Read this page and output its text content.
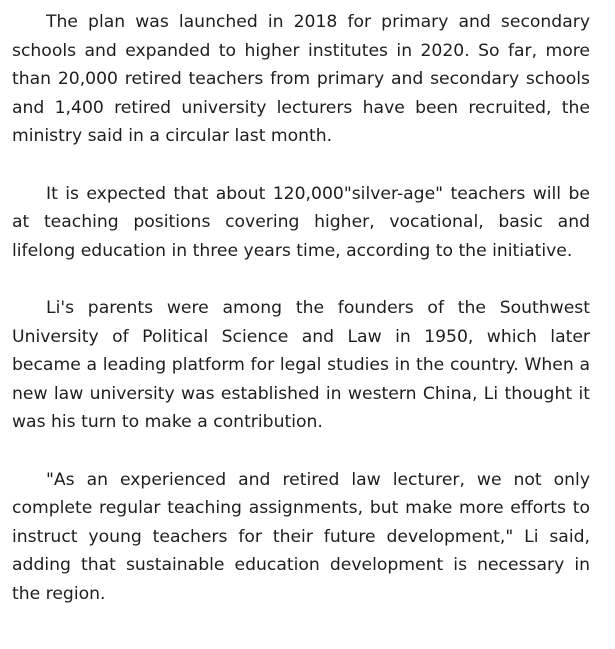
The plan was launched in 2018 for primary and secondary schools and expanded to higher institutes in 2020. So far, more than 20,000 retired teachers from primary and secondary schools and 1,400 retired university lecturers have been recruited, the ministry said in a circular last month.

It is expected that about 120,000"silver-age" teachers will be at teaching positions covering higher, vocational, basic and lifelong education in three years time, according to the initiative.

Li's parents were among the founders of the Southwest University of Political Science and Law in 1950, which later became a leading platform for legal studies in the country. When a new law university was established in western China, Li thought it was his turn to make a contribution.

"As an experienced and retired law lecturer, we not only complete regular teaching assignments, but make more efforts to instruct young teachers for their future development," Li said, adding that sustainable education development is necessary in the region.
